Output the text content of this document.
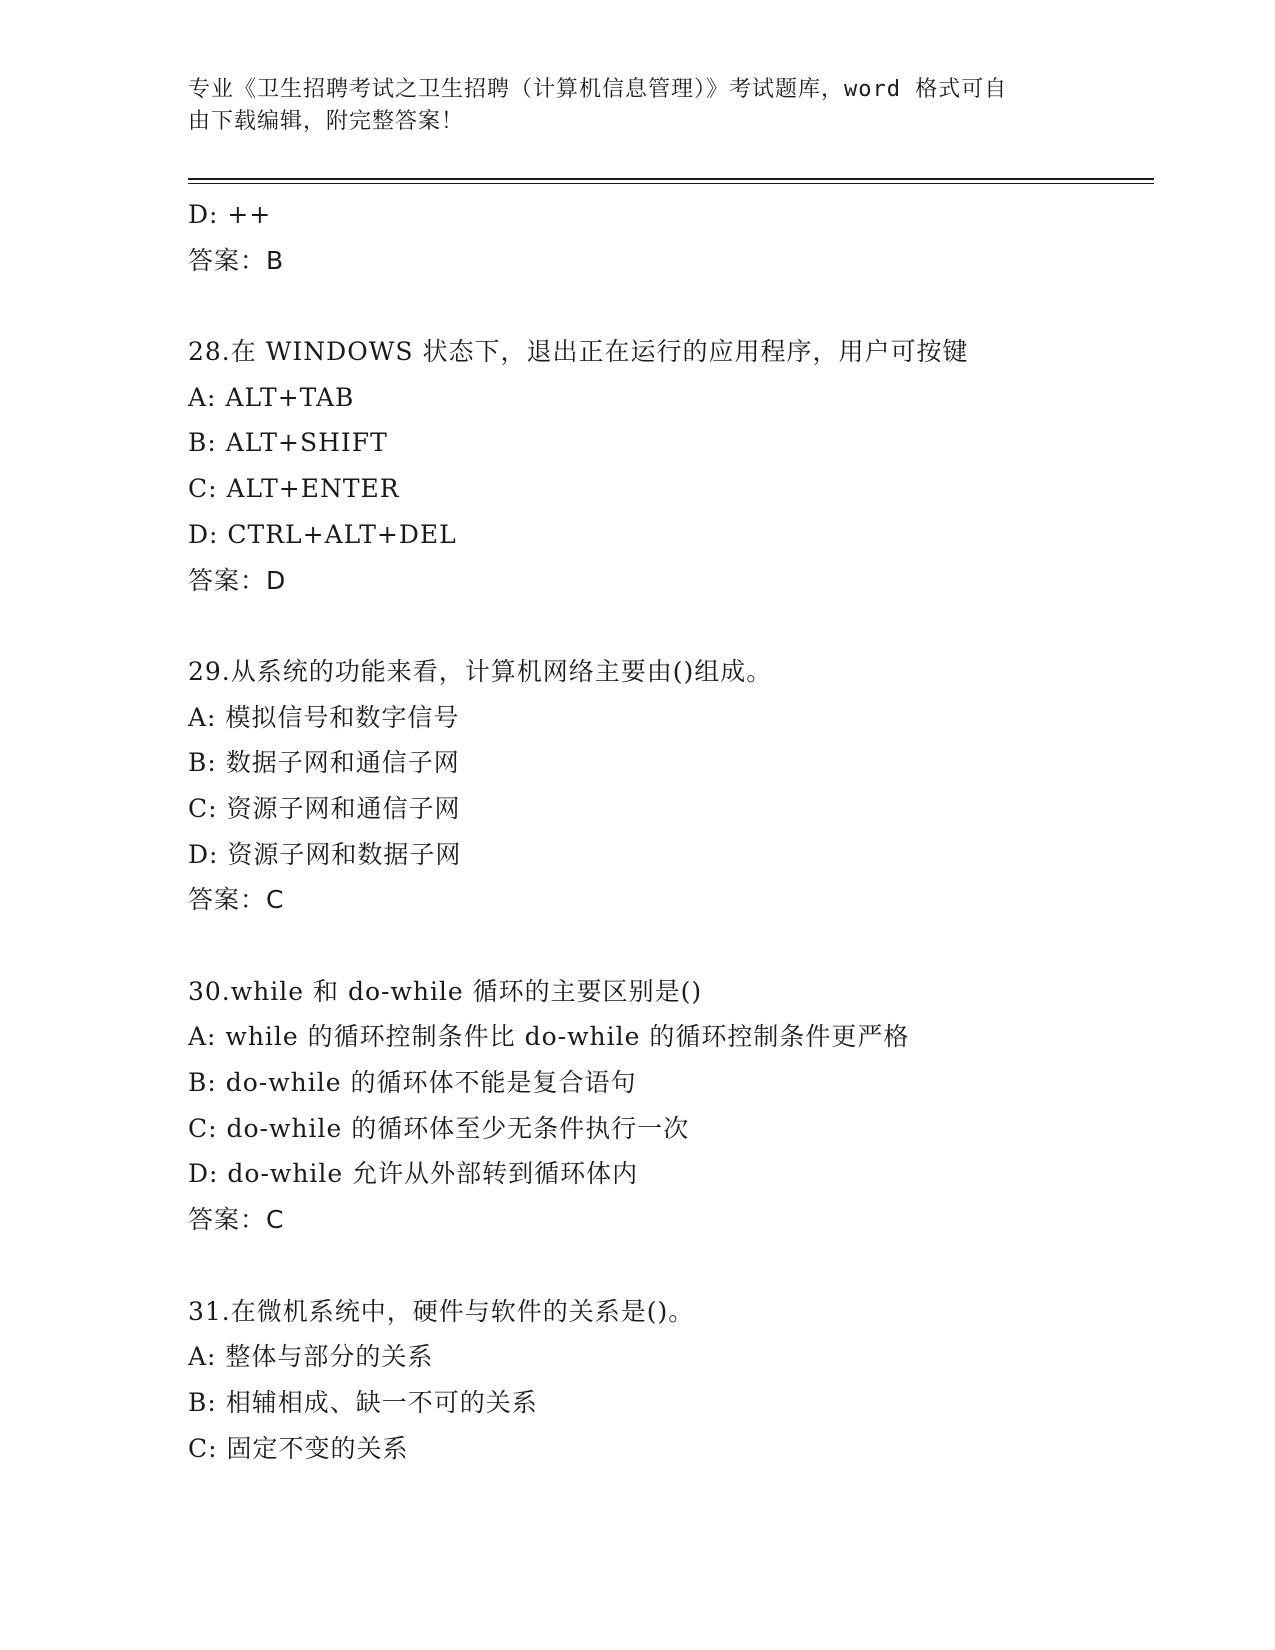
专业《卫生招聘考试之卫生招聘（计算机信息管理）》考试题库，word 格式可自
由下载编辑，附完整答案！
D: ++
答案：B
28.在 WINDOWS 状态下，退出正在运行的应用程序，用户可按键
A: ALT+TAB
B: ALT+SHIFT
C: ALT+ENTER
D: CTRL+ALT+DEL
答案：D
29.从系统的功能来看，计算机网络主要由()组成。
A: 模拟信号和数字信号
B: 数据子网和通信子网
C: 资源子网和通信子网
D: 资源子网和数据子网
答案：C
30.while 和 do-while 循环的主要区别是()
A: while 的循环控制条件比 do-while 的循环控制条件更严格
B: do-while 的循环体不能是复合语句
C: do-while 的循环体至少无条件执行一次
D: do-while 允许从外部转到循环体内
答案：C
31.在微机系统中，硬件与软件的关系是()。
A: 整体与部分的关系
B: 相辅相成、缺一不可的关系
C: 固定不变的关系
